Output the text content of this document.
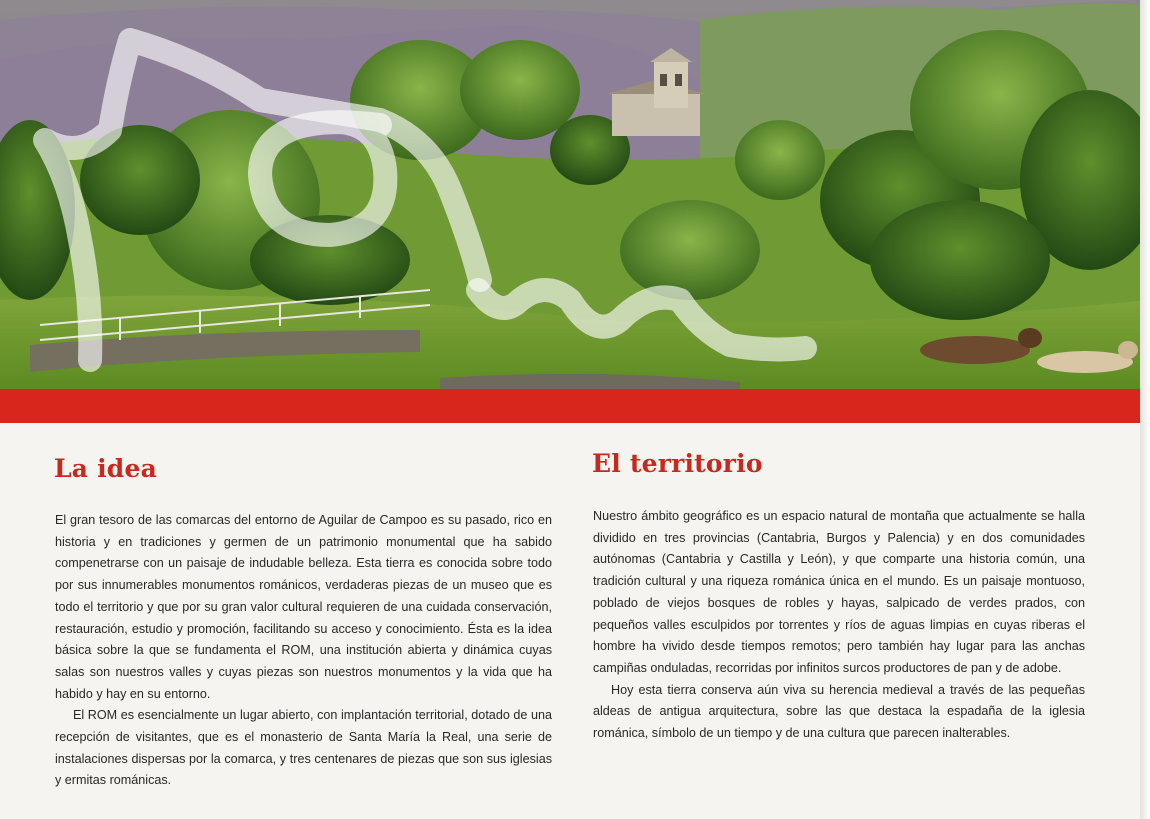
La idea

El gran tesoro de las comarcas del entorno de Aguilar de Campoo es su pasado, rico en historia y en tradiciones y germen de un patrimonio monumental que ha sabido compenetrarse con un paisaje de indudable belleza. Esta tierra es conocida sobre todo por sus innumerables monumentos románicos, verdaderas piezas de un museo que es todo el territorio y que por su gran valor cultural requieren de una cuidada conservación, restauración, estudio y promoción, facilitando su acceso y conocimiento. Ésta es la idea básica sobre la que se fundamenta el ROM, una institución abierta y dinámica cuyas salas son nuestros valles y cuyas piezas son nuestros monumentos y la vida que ha habido y hay en su entorno.

El ROM es esencialmente un lugar abierto, con implantación territorial, dotado de una recepción de visitantes, que es el monasterio de Santa María la Real, una serie de instalaciones dispersas por la comarca, y tres centenares de piezas que son sus iglesias y ermitas románicas.

El territorio

Nuestro ámbito geográfico es un espacio natural de montaña que actualmente se halla dividido en tres provincias (Cantabria, Burgos y Palencia) y en dos comunidades autónomas (Cantabria y Castilla y León), y que comparte una historia común, una tradición cultural y una riqueza románica única en el mundo. Es un paisaje montuoso, poblado de viejos bosques de robles y hayas, salpicado de verdes prados, con pequeños valles esculpidos por torrentes y ríos de aguas limpias en cuyas riberas el hombre ha vivido desde tiempos remotos; pero también hay lugar para las anchas campiñas onduladas, recorridas por infinitos surcos productores de pan y de adobe.

Hoy esta tierra conserva aún viva su herencia medieval a través de las pequeñas aldeas de antigua arquitectura, sobre las que destaca la espadaña de la iglesia románica, símbolo de un tiempo y de una cultura que parecen inalterables.
